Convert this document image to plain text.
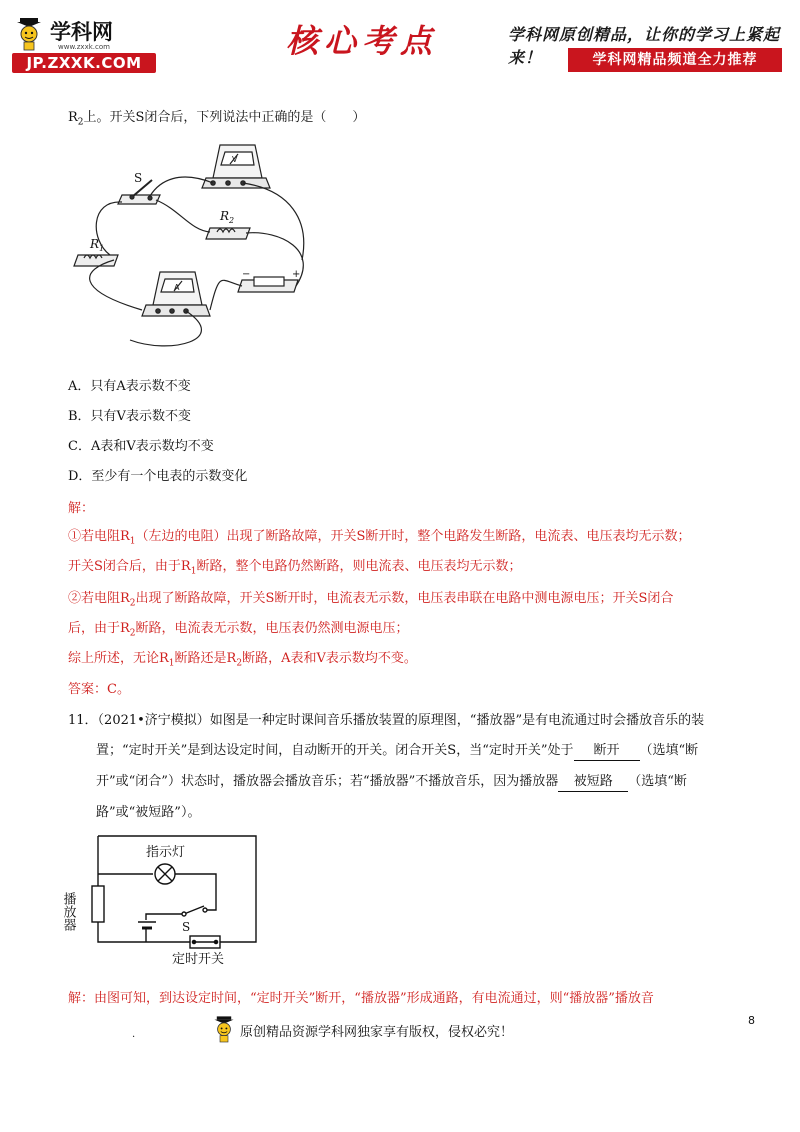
学科网
www.zxxk.com
JP.ZXXK.COM
核心考点	学科网原创精品，让你的学习上紧起来！	学科网精品频道全力推荐
$R_2$上。开关S闭合后，下列说法中正确的是（　　）
V
A
S
$R_1$
$R_2$
−	+
A．只有A表示数不变
B．只有V表示数不变
C．A表和V表示数均不变
D．至少有一个电表的示数变化
解：
①若电阻$R_1$（左边的电阻）出现了断路故障，开关S断开时，整个电路发生断路，电流表、电压表均无示数；
开关S闭合后，由于$R_1$断路，整个电路仍然断路，则电流表、电压表均无示数；
②若电阻$R_2$出现了断路故障，开关S断开时，电流表无示数，电压表串联在电路中测电源电压；开关S闭合
后，由于$R_2$断路，电流表无示数，电压表仍然测电源电压；
综上所述，无论$R_1$断路还是$R_2$断路，A表和V表示数均不变。
答案：C。
11．（2021•济宁模拟）如图是一种定时课间音乐播放装置的原理图，“播放器”是有电流通过时会播放音乐的装
置；“定时开关”是到达设定时间，自动断开的开关。闭合开关S，当“定时开关”处于 断开 （选填“断
开”或“闭合”）状态时，播放器会播放音乐；若“播放器”不播放音乐，因为播放器 被短路 （选填“断
路”或“被短路”）。
指示灯
播放器	S
定时开关
解：由图可知，到达设定时间，“定时开关”断开，“播放器”形成通路，有电流通过，则“播放器”播放音
原创精品资源学科网独家享有版权，侵权必究！
.
8
